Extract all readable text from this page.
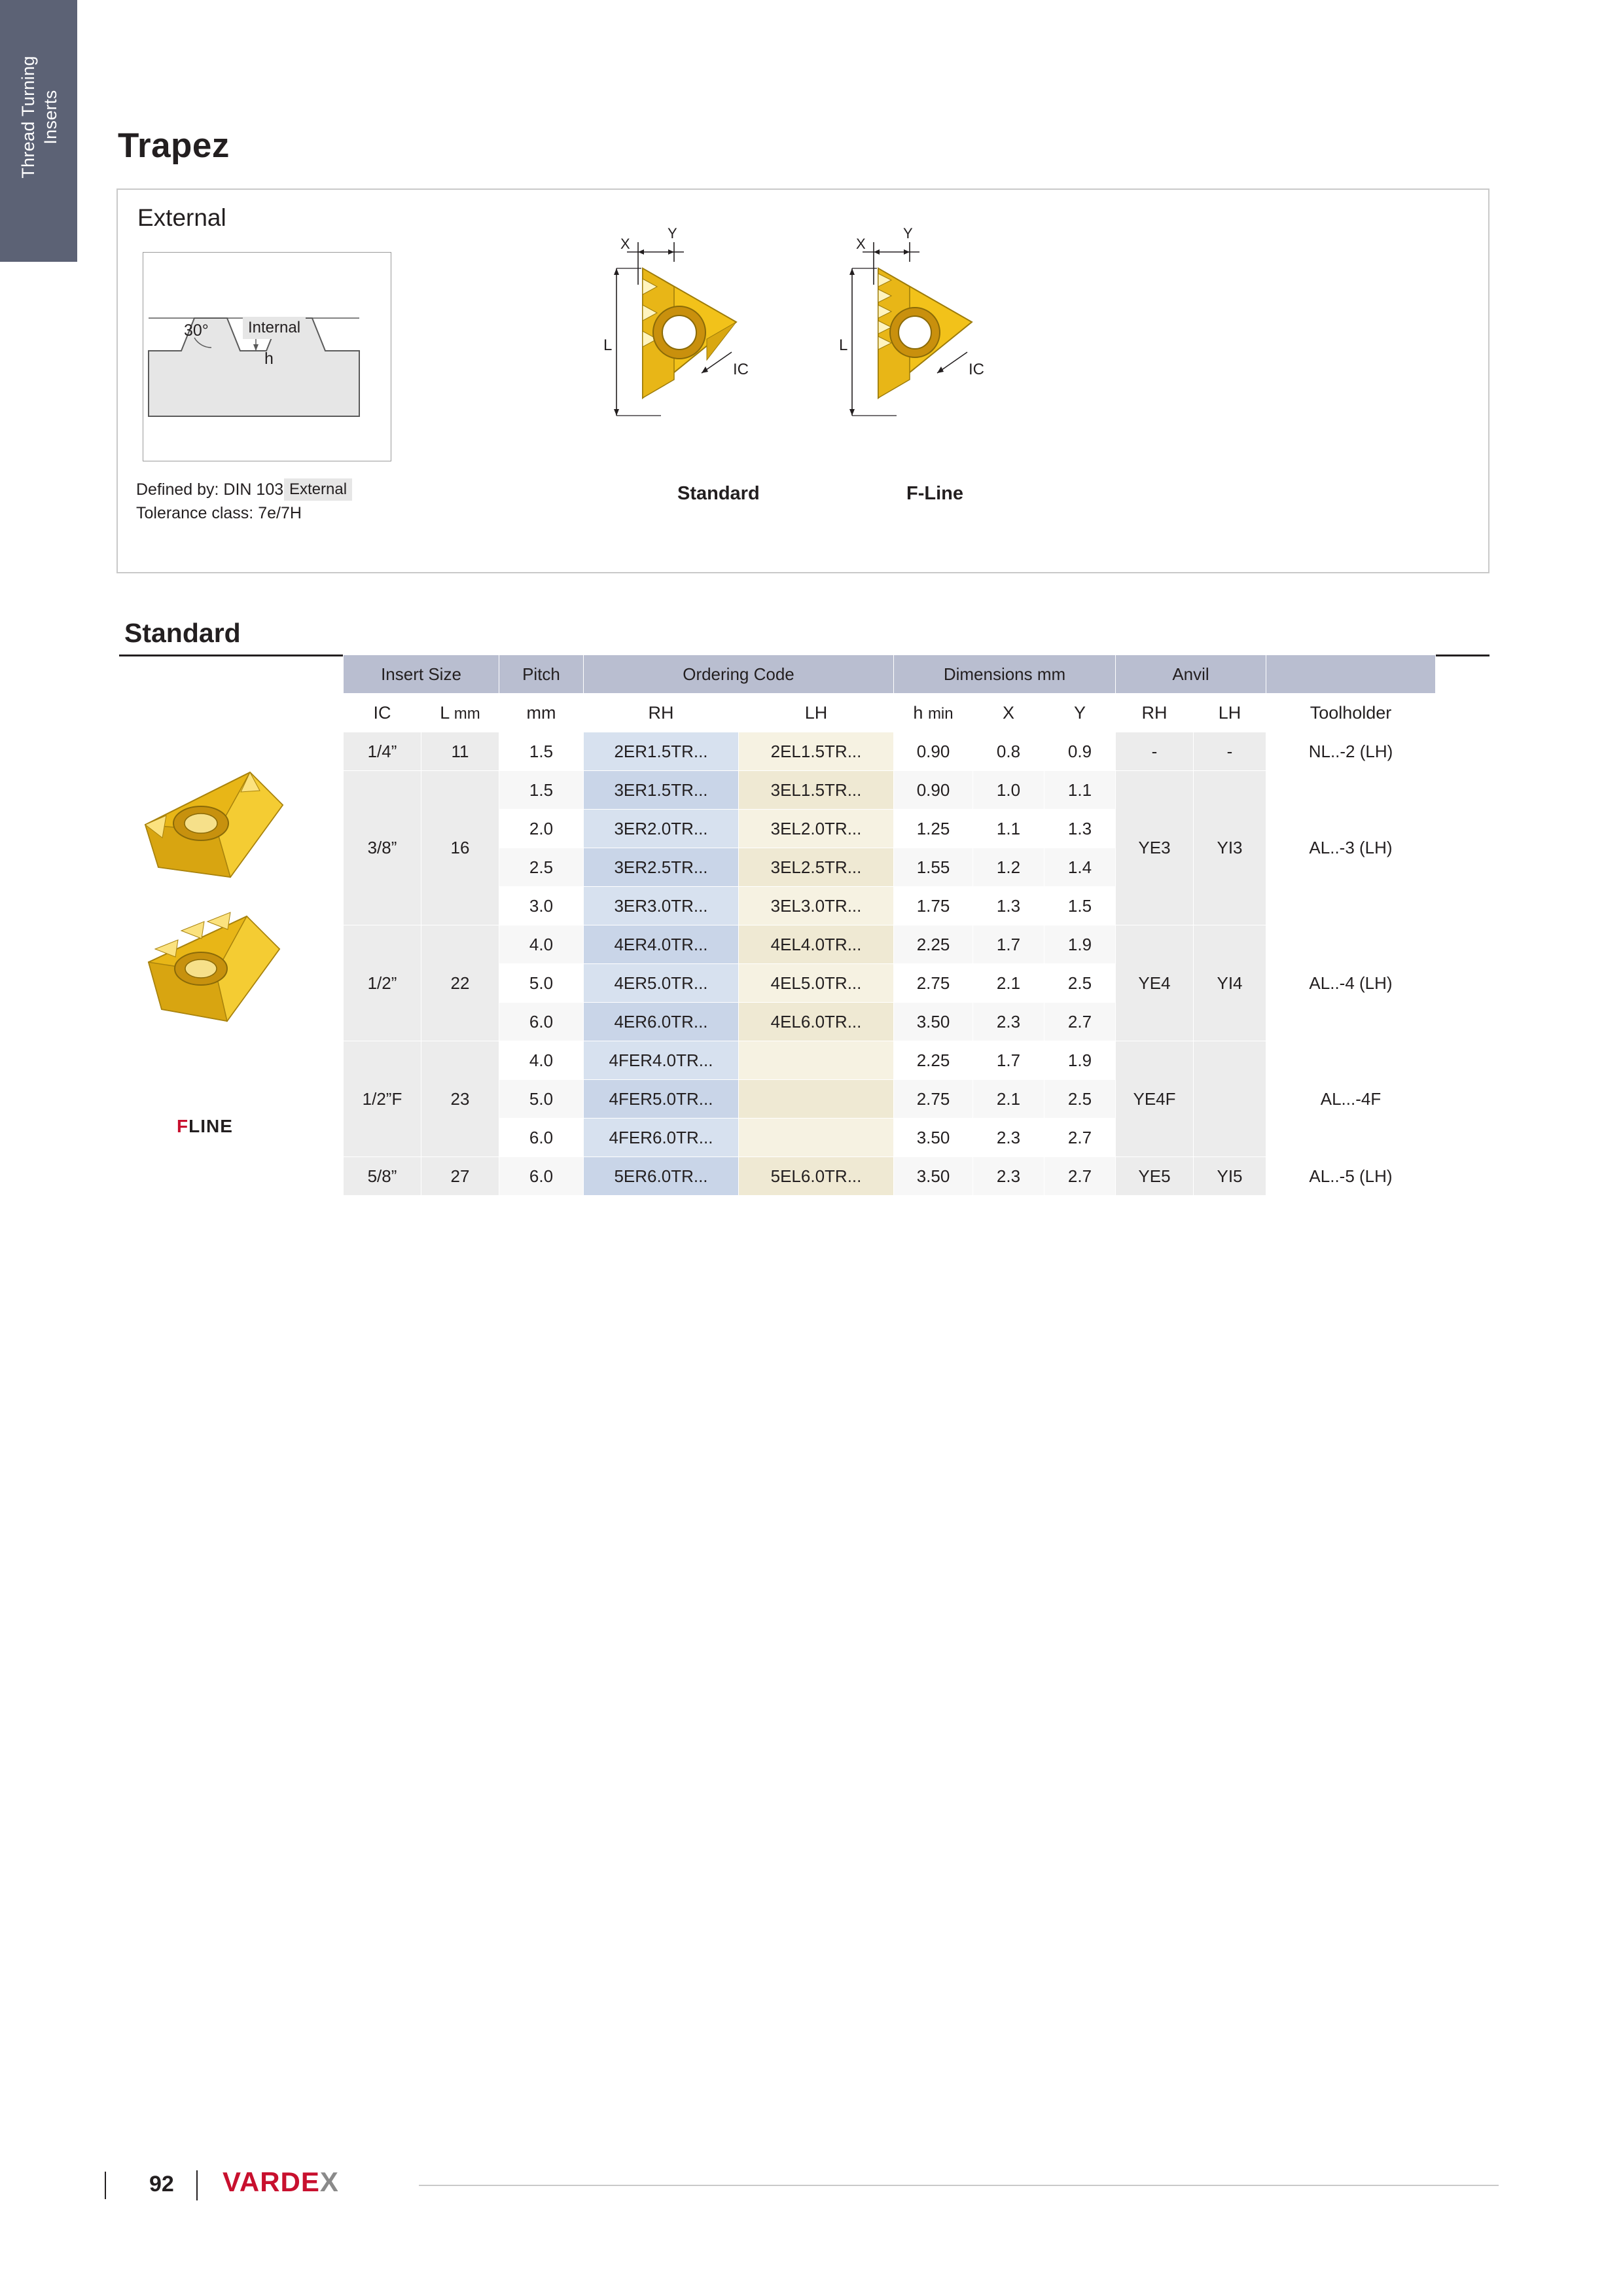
Thread Turning Inserts
Trapez
External
30°	Internal
h
External
X
Y
L
IC
X
Y
L
IC
Defined by: DIN 103
Tolerance class: 7e/7H
Standard	F-Line
Standard
FLINE
Insert Size		Pitch	Ordering Code		Dimensions mm			Anvil		
IC	L mm	mm	RH	LH	h min	X	Y	RH	LH	Toolholder
1/4”	11	1.5	2ER1.5TR...	2EL1.5TR...	0.90	0.8	0.9	-	-	NL..-2 (LH)
3/8”	16	1.5	3ER1.5TR...	3EL1.5TR...	0.90	1.0	1.1	YE3	YI3	AL..-3 (LH)
		2.0	3ER2.0TR...	3EL2.0TR...	1.25	1.1	1.3			
		2.5	3ER2.5TR...	3EL2.5TR...	1.55	1.2	1.4			
		3.0	3ER3.0TR...	3EL3.0TR...	1.75	1.3	1.5			
1/2”	22	4.0	4ER4.0TR...	4EL4.0TR...	2.25	1.7	1.9	YE4	YI4	AL..-4 (LH)
		5.0	4ER5.0TR...	4EL5.0TR...	2.75	2.1	2.5			
		6.0	4ER6.0TR...	4EL6.0TR...	3.50	2.3	2.7			
1/2”F	23	4.0	4FER4.0TR...		2.25	1.7	1.9	YE4F		AL...-4F
		5.0	4FER5.0TR...		2.75	2.1	2.5			
		6.0	4FER6.0TR...		3.50	2.3	2.7			
5/8”	27	6.0	5ER6.0TR...	5EL6.0TR...	3.50	2.3	2.7	YE5	YI5	AL..-5 (LH)
92 VARDEX
